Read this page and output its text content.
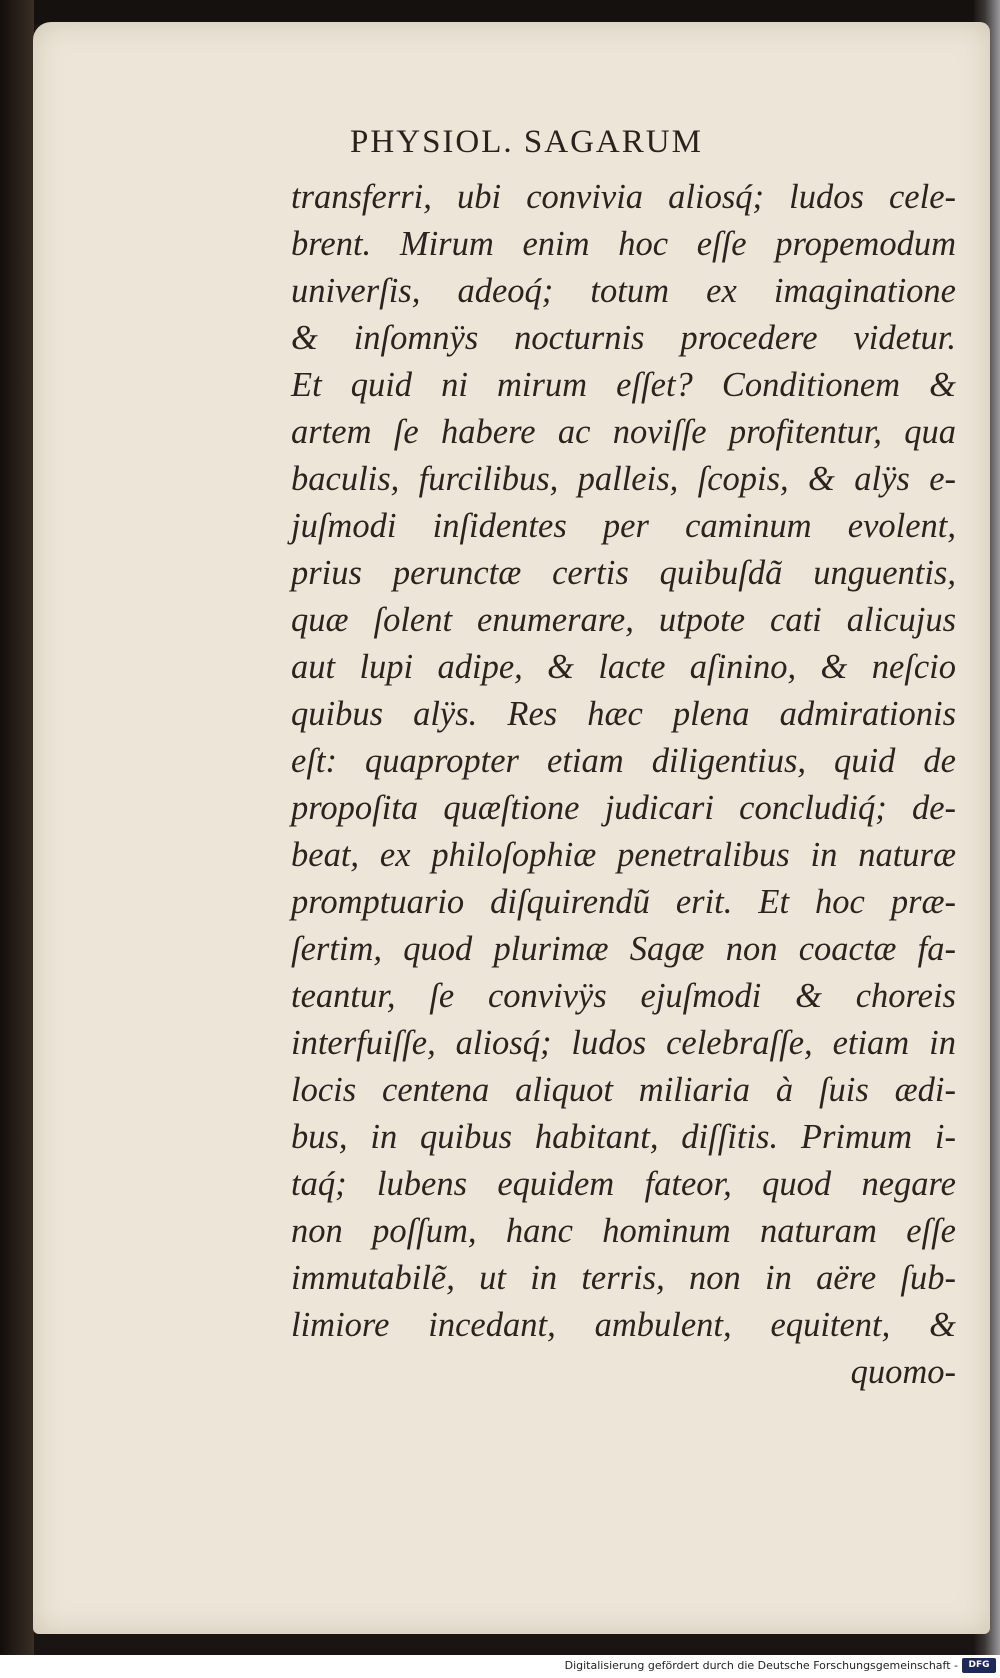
PHYSIOL. SAGARUM
transferri, ubi convivia aliosq́; ludos cele-
brent. Mirum enim hoc eſſe propemodum
univerſis, adeoq́; totum ex imaginatione
& inſomnÿs nocturnis procedere videtur.
Et quid ni mirum eſſet? Conditionem &
artem ſe habere ac noviſſe profitentur, qua
baculis, furcilibus, palleis, ſcopis, & alÿs e-
juſmodi inſidentes per caminum evolent,
prius perunctæ certis quibuſdã unguentis,
quæ ſolent enumerare, utpote cati alicujus
aut lupi adipe, & lacte aſinino, & neſcio
quibus alÿs. Res hæc plena admirationis
eſt: quapropter etiam diligentius, quid de
propoſita quæſtione judicari concludiq́; de-
beat, ex philoſophiæ penetralibus in naturæ
promptuario diſquirendũ erit. Et hoc præ-
ſertim, quod plurimæ Sagæ non coactæ fa-
teantur, ſe convivÿs ejuſmodi & choreis
interfuiſſe, aliosq́; ludos celebraſſe, etiam in
locis centena aliquot miliaria à ſuis ædi-
bus, in quibus habitant, diſſitis. Primum i-
taq́; lubens equidem fateor, quod negare
non poſſum, hanc hominum naturam eſſe
immutabilẽ, ut in terris, non in aëre ſub-
limiore incedant, ambulent, equitent, &
quomo-
Digitalisierung gefördert durch die Deutsche Forschungsgemeinschaft -	DFG
